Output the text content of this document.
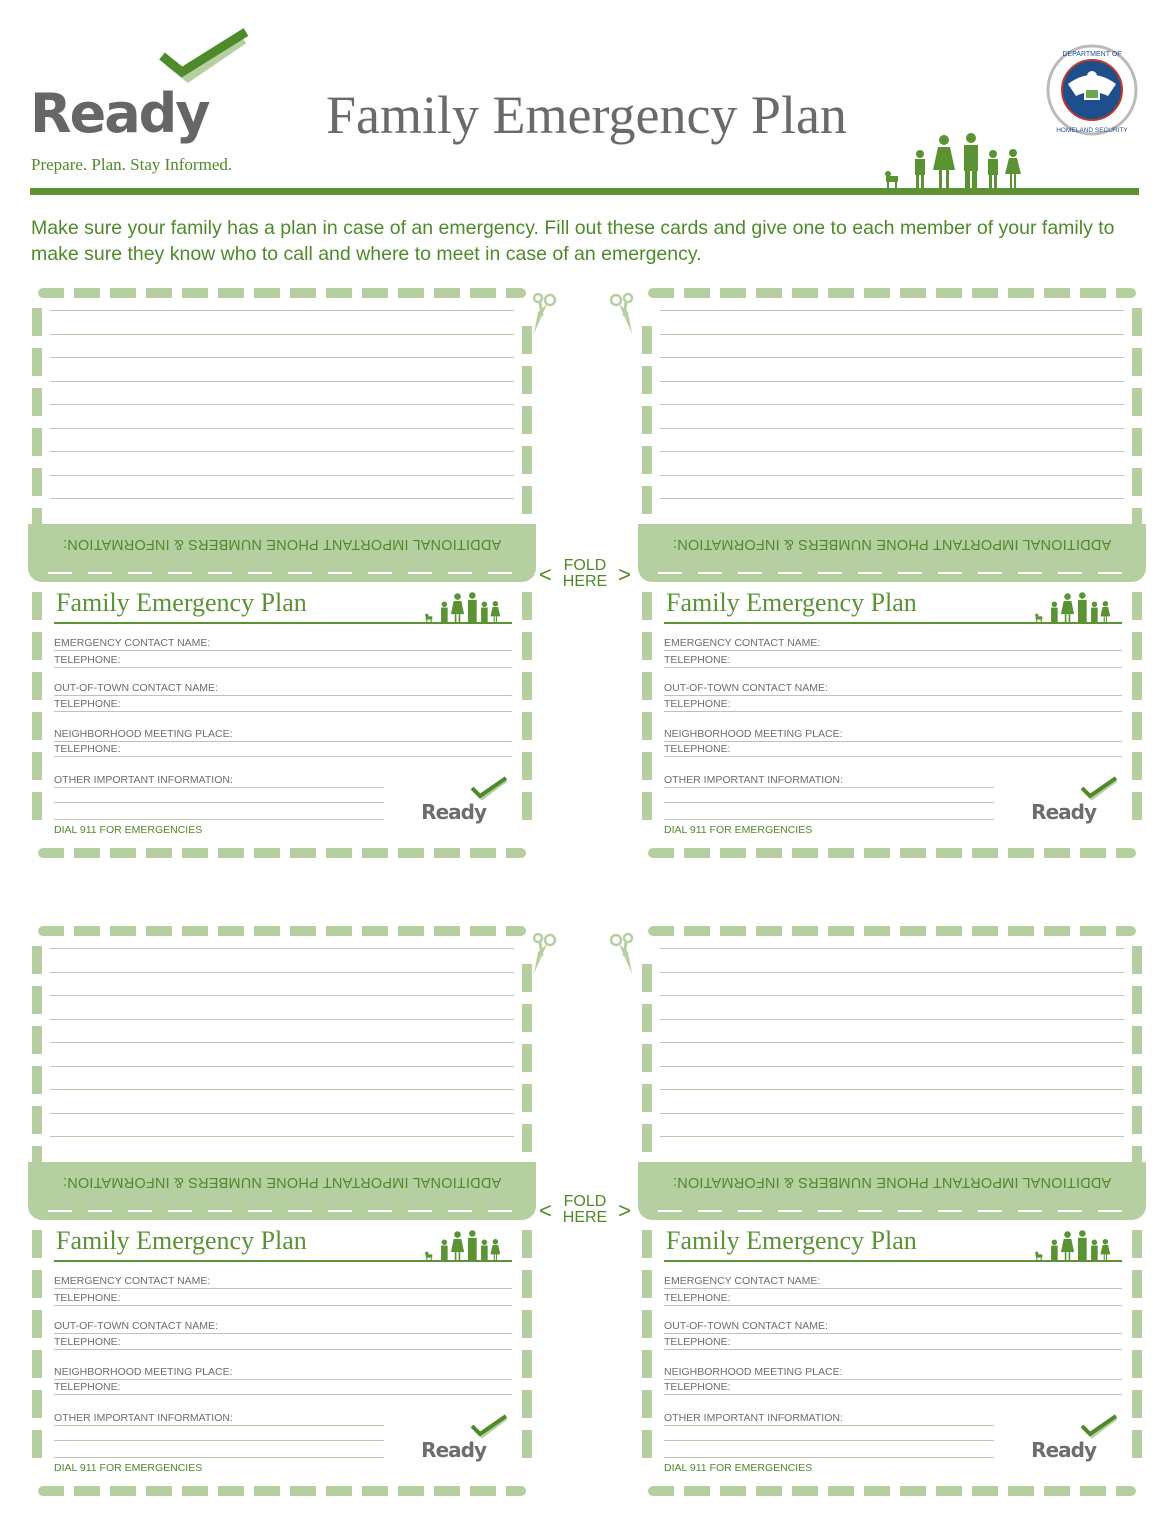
Ready
Prepare. Plan. Stay Informed.
Family Emergency Plan
DEPARTMENT OF
HOMELAND SECURITY
Make sure your family has a plan in case of an emergency. Fill out these cards and give one to each member of your family to make sure they know who to call and where to meet in case of an emergency.
ADDITIONAL IMPORTANT PHONE NUMBERS & INFORMATION:
Family Emergency Plan
EMERGENCY CONTACT NAME:
TELEPHONE:
OUT-OF-TOWN CONTACT NAME:
TELEPHONE:
NEIGHBORHOOD MEETING PLACE:
TELEPHONE:
OTHER IMPORTANT INFORMATION:
DIAL 911 FOR EMERGENCIES
Ready
ADDITIONAL IMPORTANT PHONE NUMBERS & INFORMATION:
Family Emergency Plan
EMERGENCY CONTACT NAME:
TELEPHONE:
OUT-OF-TOWN CONTACT NAME:
TELEPHONE:
NEIGHBORHOOD MEETING PLACE:
TELEPHONE:
OTHER IMPORTANT INFORMATION:
DIAL 911 FOR EMERGENCIES
Ready
ADDITIONAL IMPORTANT PHONE NUMBERS & INFORMATION:
Family Emergency Plan
EMERGENCY CONTACT NAME:
TELEPHONE:
OUT-OF-TOWN CONTACT NAME:
TELEPHONE:
NEIGHBORHOOD MEETING PLACE:
TELEPHONE:
OTHER IMPORTANT INFORMATION:
DIAL 911 FOR EMERGENCIES
Ready
ADDITIONAL IMPORTANT PHONE NUMBERS & INFORMATION:
Family Emergency Plan
EMERGENCY CONTACT NAME:
TELEPHONE:
OUT-OF-TOWN CONTACT NAME:
TELEPHONE:
NEIGHBORHOOD MEETING PLACE:
TELEPHONE:
OTHER IMPORTANT INFORMATION:
DIAL 911 FOR EMERGENCIES
Ready
< FOLD
HERE >
< FOLD
HERE >
